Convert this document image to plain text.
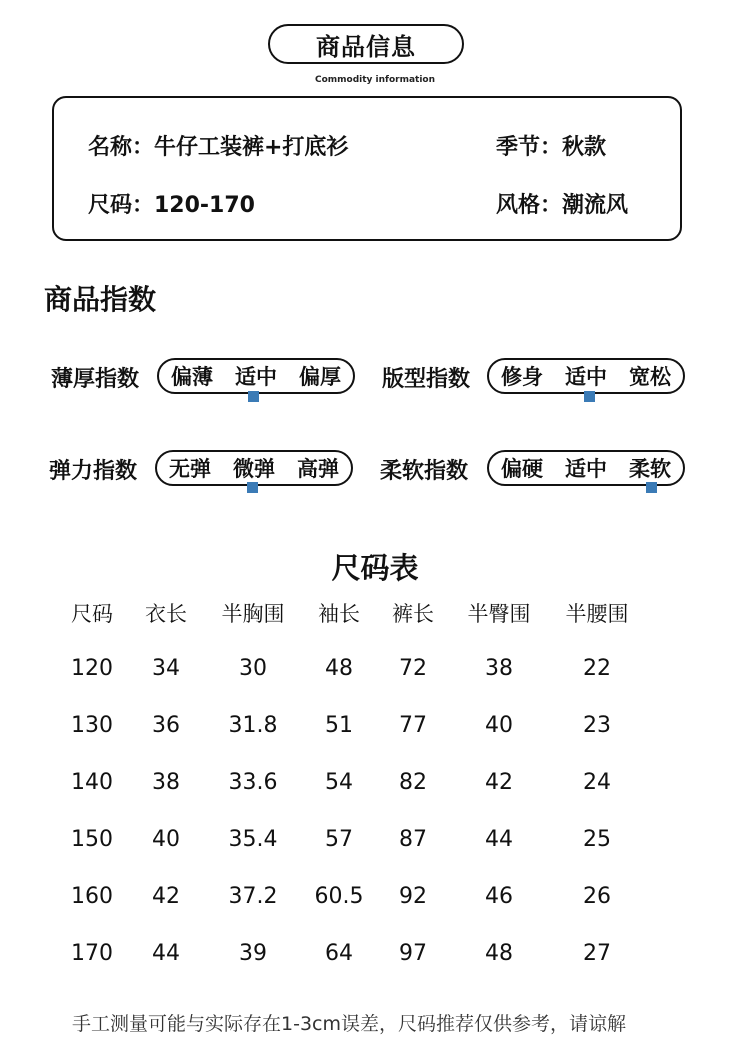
商品信息
Commodity information
名称：牛仔工装裤+打底衫	季节：秋款
尺码：120-170	风格：潮流风
商品指数
薄厚指数 偏薄 适中 偏厚 版型指数 修身 适中 宽松
弹力指数 无弹 微弹 高弹 柔软指数 偏硬 适中 柔软
尺码表
尺码	衣长	半胸围	袖长	裤长	半臀围	半腰围
120	34	30	48	72	38	22
130	36	31.8	51	77	40	23
140	38	33.6	54	82	42	24
150	40	35.4	57	87	44	25
160	42	37.2	60.5	92	46	26
170	44	39	64	97	48	27
手工测量可能与实际存在1-3cm误差，尺码推荐仅供参考，请谅解
